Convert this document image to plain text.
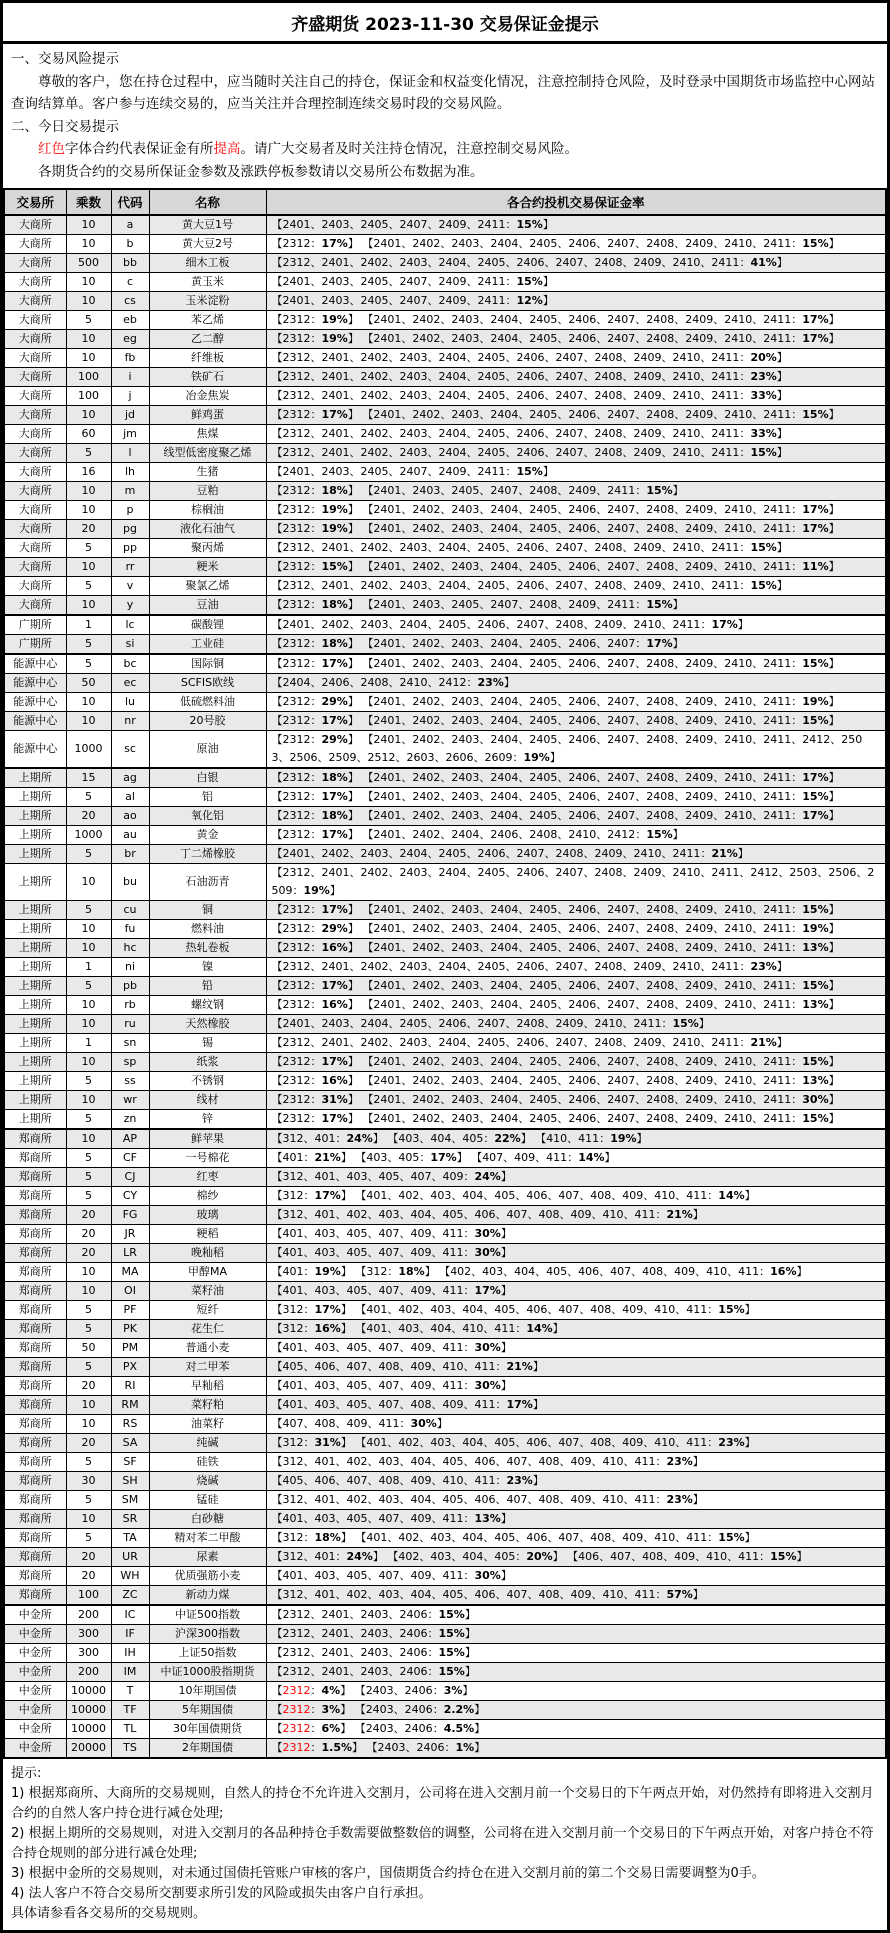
齐盛期货 2023-11-30 交易保证金提示

一、交易风险提示

尊敬的客户，您在持仓过程中，应当随时关注自己的持仓，保证金和权益变化情况，注意控制持仓风险，及时登录中国期货市场监控中心网站查询结算单。客户参与连续交易的，应当关注并合理控制连续交易时段的交易风险。

二、今日交易提示

红色字体合约代表保证金有所提高。请广大交易者及时关注持仓情况，注意控制交易风险。

各期货合约的交易所保证金参数及涨跌停板参数请以交易所公布数据为准。

交易所	乘数	代码	名称	各合约投机交易保证金率
大商所	10	a	黄大豆1号	【2401、2403、2405、2407、2409、2411：15%】
大商所	10	b	黄大豆2号	【2312：17%】 【2401、2402、2403、2404、2405、2406、2407、2408、2409、2410、2411：15%】
大商所	500	bb	细木工板	【2312、2401、2402、2403、2404、2405、2406、2407、2408、2409、2410、2411：41%】
大商所	10	c	黄玉米	【2401、2403、2405、2407、2409、2411：15%】
大商所	10	cs	玉米淀粉	【2401、2403、2405、2407、2409、2411：12%】
大商所	5	eb	苯乙烯	【2312：19%】 【2401、2402、2403、2404、2405、2406、2407、2408、2409、2410、2411：17%】
大商所	10	eg	乙二醇	【2312：19%】 【2401、2402、2403、2404、2405、2406、2407、2408、2409、2410、2411：17%】
大商所	10	fb	纤维板	【2312、2401、2402、2403、2404、2405、2406、2407、2408、2409、2410、2411：20%】
大商所	100	i	铁矿石	【2312、2401、2402、2403、2404、2405、2406、2407、2408、2409、2410、2411：23%】
大商所	100	j	冶金焦炭	【2312、2401、2402、2403、2404、2405、2406、2407、2408、2409、2410、2411：33%】
大商所	10	jd	鲜鸡蛋	【2312：17%】 【2401、2402、2403、2404、2405、2406、2407、2408、2409、2410、2411：15%】
大商所	60	jm	焦煤	【2312、2401、2402、2403、2404、2405、2406、2407、2408、2409、2410、2411：33%】
大商所	5	l	线型低密度聚乙烯	【2312、2401、2402、2403、2404、2405、2406、2407、2408、2409、2410、2411：15%】
大商所	16	lh	生猪	【2401、2403、2405、2407、2409、2411：15%】
大商所	10	m	豆粕	【2312：18%】 【2401、2403、2405、2407、2408、2409、2411：15%】
大商所	10	p	棕榈油	【2312：19%】 【2401、2402、2403、2404、2405、2406、2407、2408、2409、2410、2411：17%】
大商所	20	pg	液化石油气	【2312：19%】 【2401、2402、2403、2404、2405、2406、2407、2408、2409、2410、2411：17%】
大商所	5	pp	聚丙烯	【2312、2401、2402、2403、2404、2405、2406、2407、2408、2409、2410、2411：15%】
大商所	10	rr	粳米	【2312：15%】 【2401、2402、2403、2404、2405、2406、2407、2408、2409、2410、2411：11%】
大商所	5	v	聚氯乙烯	【2312、2401、2402、2403、2404、2405、2406、2407、2408、2409、2410、2411：15%】
大商所	10	y	豆油	【2312：18%】 【2401、2403、2405、2407、2408、2409、2411：15%】
广期所	1	lc	碳酸锂	【2401、2402、2403、2404、2405、2406、2407、2408、2409、2410、2411：17%】
广期所	5	si	工业硅	【2312：18%】 【2401、2402、2403、2404、2405、2406、2407：17%】
能源中心	5	bc	国际铜	【2312：17%】 【2401、2402、2403、2404、2405、2406、2407、2408、2409、2410、2411：15%】
能源中心	50	ec	SCFIS欧线	【2404、2406、2408、2410、2412：23%】
能源中心	10	lu	低硫燃料油	【2312：29%】 【2401、2402、2403、2404、2405、2406、2407、2408、2409、2410、2411：19%】
能源中心	10	nr	20号胶	【2312：17%】 【2401、2402、2403、2404、2405、2406、2407、2408、2409、2410、2411：15%】
能源中心	1000	sc	原油	【2312：29%】 【2401、2402、2403、2404、2405、2406、2407、2408、2409、2410、2411、2412、2503、2506、2509、2512、2603、2606、2609：19%】
上期所	15	ag	白银	【2312：18%】 【2401、2402、2403、2404、2405、2406、2407、2408、2409、2410、2411：17%】
上期所	5	al	铝	【2312：17%】 【2401、2402、2403、2404、2405、2406、2407、2408、2409、2410、2411：15%】
上期所	20	ao	氧化铝	【2312：18%】 【2401、2402、2403、2404、2405、2406、2407、2408、2409、2410、2411：17%】
上期所	1000	au	黄金	【2312：17%】 【2401、2402、2404、2406、2408、2410、2412：15%】
上期所	5	br	丁二烯橡胶	【2401、2402、2403、2404、2405、2406、2407、2408、2409、2410、2411：21%】
上期所	10	bu	石油沥青	【2312、2401、2402、2403、2404、2405、2406、2407、2408、2409、2410、2411、2412、2503、2506、2509：19%】
上期所	5	cu	铜	【2312：17%】 【2401、2402、2403、2404、2405、2406、2407、2408、2409、2410、2411：15%】
上期所	10	fu	燃料油	【2312：29%】 【2401、2402、2403、2404、2405、2406、2407、2408、2409、2410、2411：19%】
上期所	10	hc	热轧卷板	【2312：16%】 【2401、2402、2403、2404、2405、2406、2407、2408、2409、2410、2411：13%】
上期所	1	ni	镍	【2312、2401、2402、2403、2404、2405、2406、2407、2408、2409、2410、2411：23%】
上期所	5	pb	铅	【2312：17%】 【2401、2402、2403、2404、2405、2406、2407、2408、2409、2410、2411：15%】
上期所	10	rb	螺纹钢	【2312：16%】 【2401、2402、2403、2404、2405、2406、2407、2408、2409、2410、2411：13%】
上期所	10	ru	天然橡胶	【2401、2403、2404、2405、2406、2407、2408、2409、2410、2411：15%】
上期所	1	sn	锡	【2312、2401、2402、2403、2404、2405、2406、2407、2408、2409、2410、2411：21%】
上期所	10	sp	纸浆	【2312：17%】 【2401、2402、2403、2404、2405、2406、2407、2408、2409、2410、2411：15%】
上期所	5	ss	不锈钢	【2312：16%】 【2401、2402、2403、2404、2405、2406、2407、2408、2409、2410、2411：13%】
上期所	10	wr	线材	【2312：31%】 【2401、2402、2403、2404、2405、2406、2407、2408、2409、2410、2411：30%】
上期所	5	zn	锌	【2312：17%】 【2401、2402、2403、2404、2405、2406、2407、2408、2409、2410、2411：15%】
郑商所	10	AP	鲜苹果	【312、401：24%】 【403、404、405：22%】 【410、411：19%】
郑商所	5	CF	一号棉花	【401：21%】 【403、405：17%】 【407、409、411：14%】
郑商所	5	CJ	红枣	【312、401、403、405、407、409：24%】
郑商所	5	CY	棉纱	【312：17%】 【401、402、403、404、405、406、407、408、409、410、411：14%】
郑商所	20	FG	玻璃	【312、401、402、403、404、405、406、407、408、409、410、411：21%】
郑商所	20	JR	粳稻	【401、403、405、407、409、411：30%】
郑商所	20	LR	晚籼稻	【401、403、405、407、409、411：30%】
郑商所	10	MA	甲醇MA	【401：19%】 【312：18%】 【402、403、404、405、406、407、408、409、410、411：16%】
郑商所	10	OI	菜籽油	【401、403、405、407、409、411：17%】
郑商所	5	PF	短纤	【312：17%】 【401、402、403、404、405、406、407、408、409、410、411：15%】
郑商所	5	PK	花生仁	【312：16%】 【401、403、404、410、411：14%】
郑商所	50	PM	普通小麦	【401、403、405、407、409、411：30%】
郑商所	5	PX	对二甲苯	【405、406、407、408、409、410、411：21%】
郑商所	20	RI	早籼稻	【401、403、405、407、409、411：30%】
郑商所	10	RM	菜籽粕	【401、403、405、407、408、409、411：17%】
郑商所	10	RS	油菜籽	【407、408、409、411：30%】
郑商所	20	SA	纯碱	【312：31%】 【401、402、403、404、405、406、407、408、409、410、411：23%】
郑商所	5	SF	硅铁	【312、401、402、403、404、405、406、407、408、409、410、411：23%】
郑商所	30	SH	烧碱	【405、406、407、408、409、410、411：23%】
郑商所	5	SM	锰硅	【312、401、402、403、404、405、406、407、408、409、410、411：23%】
郑商所	10	SR	白砂糖	【401、403、405、407、409、411：13%】
郑商所	5	TA	精对苯二甲酸	【312：18%】 【401、402、403、404、405、406、407、408、409、410、411：15%】
郑商所	20	UR	尿素	【312、401：24%】 【402、403、404、405：20%】 【406、407、408、409、410、411：15%】
郑商所	20	WH	优质强筋小麦	【401、403、405、407、409、411：30%】
郑商所	100	ZC	新动力煤	【312、401、402、403、404、405、406、407、408、409、410、411：57%】
中金所	200	IC	中证500指数	【2312、2401、2403、2406：15%】
中金所	300	IF	沪深300指数	【2312、2401、2403、2406：15%】
中金所	300	IH	上证50指数	【2312、2401、2403、2406：15%】
中金所	200	IM	中证1000股指期货	【2312、2401、2403、2406：15%】
中金所	10000	T	10年期国债	【2312：4%】 【2403、2406：3%】
中金所	10000	TF	5年期国债	【2312：3%】 【2403、2406：2.2%】
中金所	10000	TL	30年国债期货	【2312：6%】 【2403、2406：4.5%】
中金所	20000	TS	2年期国债	【2312：1.5%】 【2403、2406：1%】

提示:

1) 根据郑商所、大商所的交易规则，自然人的持仓不允许进入交割月，公司将在进入交割月前一个交易日的下午两点开始，对仍然持有即将进入交割月合约的自然人客户持仓进行减仓处理;

2) 根据上期所的交易规则，对进入交割月的各品种持仓手数需要做整数倍的调整，公司将在进入交割月前一个交易日的下午两点开始，对客户持仓不符合持仓规则的部分进行减仓处理;

3) 根据中金所的交易规则，对未通过国债托管账户审核的客户，国债期货合约持仓在进入交割月前的第二个交易日需要调整为0手。

4) 法人客户不符合交易所交割要求所引发的风险或损失由客户自行承担。

具体请参看各交易所的交易规则。
